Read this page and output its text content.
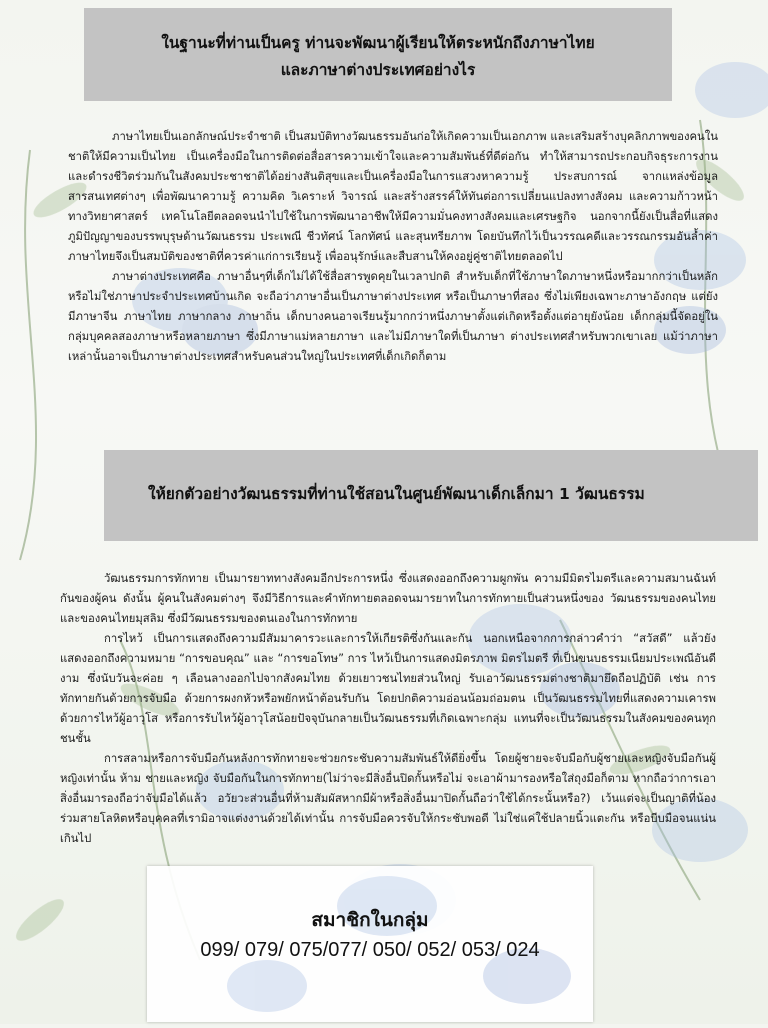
ในฐานะที่ท่านเป็นครู ท่านจะพัฒนาผู้เรียนให้ตระหนักถึงภาษาไทย
และภาษาต่างประเทศอย่างไร

ภาษาไทยเป็นเอกลักษณ์ประจำชาติ เป็นสมบัติทางวัฒนธรรมอันก่อให้เกิดความเป็นเอกภาพ และเสริมสร้างบุคลิกภาพของคนในชาติให้มีความเป็นไทย เป็นเครื่องมือในการติดต่อสื่อสารความเข้าใจและความสัมพันธ์ที่ดีต่อกัน ทำให้สามารถประกอบกิจธุระการงานและดำรงชีวิตร่วมกันในสังคมประชาชาติได้อย่างสันติสุขและเป็นเครื่องมือในการแสวงหาความรู้ ประสบการณ์ จากแหล่งข้อมูลสารสนเทศต่างๆ เพื่อพัฒนาความรู้ ความคิด วิเคราะห์ วิจารณ์ และสร้างสรรค์ให้ทันต่อการเปลี่ยนแปลงทางสังคม และความก้าวหน้าทางวิทยาศาสตร์ เทคโนโลยีตลอดจนนำไปใช้ในการพัฒนาอาชีพให้มีความมั่นคงทางสังคมและเศรษฐกิจ นอกจากนี้ยังเป็นสื่อที่แสดงภูมิปัญญาของบรรพบุรุษด้านวัฒนธรรม ประเพณี ชีวทัศน์ โลกทัศน์ และสุนทรียภาพ โดยบันทึกไว้เป็นวรรณคดีและวรรณกรรมอันล้ำค่า ภาษาไทยจึงเป็นสมบัติของชาติที่ควรค่าแก่การเรียนรู้ เพื่ออนุรักษ์และสืบสานให้คงอยู่คู่ชาติไทยตลอดไป

ภาษาต่างประเทศคือ ภาษาอื่นๆที่เด็กไม่ได้ใช้สื่อสารพูดคุยในเวลาปกติ สำหรับเด็กที่ใช้ภาษาใดภาษาหนึ่งหรือมากกว่าเป็นหลัก หรือไม่ใช่ภาษาประจำประเทศบ้านเกิด จะถือว่าภาษาอื่นเป็นภาษาต่างประเทศ หรือเป็นภาษาที่สอง ซึ่งไม่เพียงเฉพาะภาษาอังกฤษ แต่ยังมีภาษาจีน ภาษาไทย ภาษากลาง ภาษาถิ่น เด็กบางคนอาจเรียนรู้มากกว่าหนึ่งภาษาตั้งแต่เกิดหรือตั้งแต่อายุยังน้อย เด็กกลุ่มนี้จัดอยู่ในกลุ่มบุคคลสองภาษาหรือหลายภาษา ซึ่งมีภาษาแม่หลายภาษา และไม่มีภาษาใดที่เป็นภาษา ต่างประเทศสำหรับพวกเขาเลย แม้ว่าภาษาเหล่านั้นอาจเป็นภาษาต่างประเทศสำหรับคนส่วนใหญ่ในประเทศที่เด็กเกิดก็ตาม

ให้ยกตัวอย่างวัฒนธรรมที่ท่านใช้สอนในศูนย์พัฒนาเด็กเล็กมา 1 วัฒนธรรม

วัฒนธรรมการทักทาย เป็นมารยาททางสังคมอีกประการหนึ่ง ซึ่งแสดงออกถึงความผูกพัน ความมีมิตรไมตรีและความสมานฉันท์กันของผู้คน ดังนั้น ผู้คนในสังคมต่างๆ จึงมีวิธีการและคำทักทายตลอดจนมารยาทในการทักทายเป็นส่วนหนึ่งของ วัฒนธรรมของคนไทยและของคนไทยมุสลิม ซึ่งมีวัฒนธรรมของตนเองในการทักทาย

การไหว้ เป็นการแสดงถึงความมีสัมมาคารวะและการให้เกียรติซึ่งกันและกัน นอกเหนือจากการกล่าวคำว่า “สวัสดี” แล้วยังแสดงออกถึงความหมาย “การขอบคุณ” และ “การขอโทษ” การ ไหว้เป็นการแสดงมิตรภาพ มิตรไมตรี ที่เป็นขนบธรรมเนียมประเพณีอันดีงาม ซึ่งนับวันจะค่อย ๆ เลือนลางออกไปจากสังคมไทย ด้วยเยาวชนไทยส่วนใหญ่ รับเอาวัฒนธรรมต่างชาติมายึดถือปฏิบัติ เช่น การทักทายกันด้วยการจับมือ ด้วยการผงกหัวหรือพยักหน้าต้อนรับกัน โดยปกติความอ่อนน้อมถ่อมตน เป็นวัฒนธรรมไทยที่แสดงความเคารพด้วยการไหว้ผู้อาวุโส หรือการรับไหว้ผู้อาวุโสน้อยปัจจุบันกลายเป็นวัฒนธรรมที่เกิดเฉพาะกลุ่ม แทนที่จะเป็นวัฒนธรรมในสังคมของคนทุกชนชั้น

การสลามหรือการจับมือกันหลังการทักทายจะช่วยกระชับความสัมพันธ์ให้ดียิ่งขึ้น โดยผู้ชายจะจับมือกับผู้ชายและหญิงจับมือกันผู้หญิงเท่านั้น ห้าม ชายและหญิง จับมือกันในการทักทาย(ไม่ว่าจะมีสิ่งอื่นปิดกั้นหรือไม่ จะเอาผ้ามารองหรือใส่ถุงมือก็ตาม หากถือว่าการเอาสิ่งอื่นมารองถือว่าจับมือได้แล้ว อวัยวะส่วนอื่นที่ห้ามสัมผัสหากมีผ้าหรือสิ่งอื่นมาปิดกั้นถือว่าใช้ได้กระนั้นหรือ?) เว้นแต่จะเป็นญาติที่น้องร่วมสายโลหิตหรือบุคคลที่เรามิอาจแต่งงานด้วยได้เท่านั้น การจับมือควรจับให้กระชับพอดี ไม่ใช่แค่ใช้ปลายนิ้วแตะกัน หรือบีบมือจนแน่นเกินไป

สมาชิกในกลุ่ม
099/ 079/ 075/077/ 050/ 052/ 053/ 024
